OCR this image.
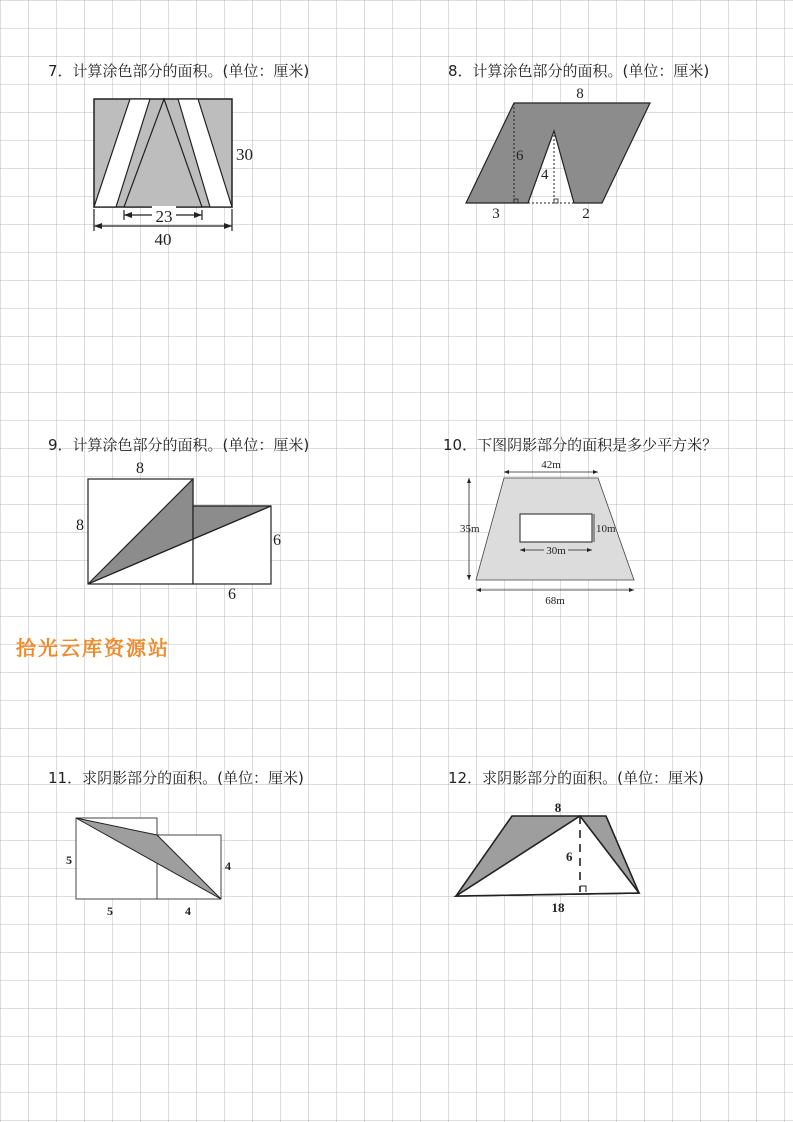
拾光云库资源站
7．计算涂色部分的面积。(单位：厘米)
23
40
30
8．计算涂色部分的面积。(单位：厘米)
8
6
4
3	2
9．计算涂色部分的面积。(单位：厘米)
8
8
6
6
10．下图阴影部分的面积是多少平方米？
42m
35m	10m
30m
68m
11．求阴影部分的面积。(单位：厘米)
5	4
5	4
12．求阴影部分的面积。(单位：厘米)
8
6
18
